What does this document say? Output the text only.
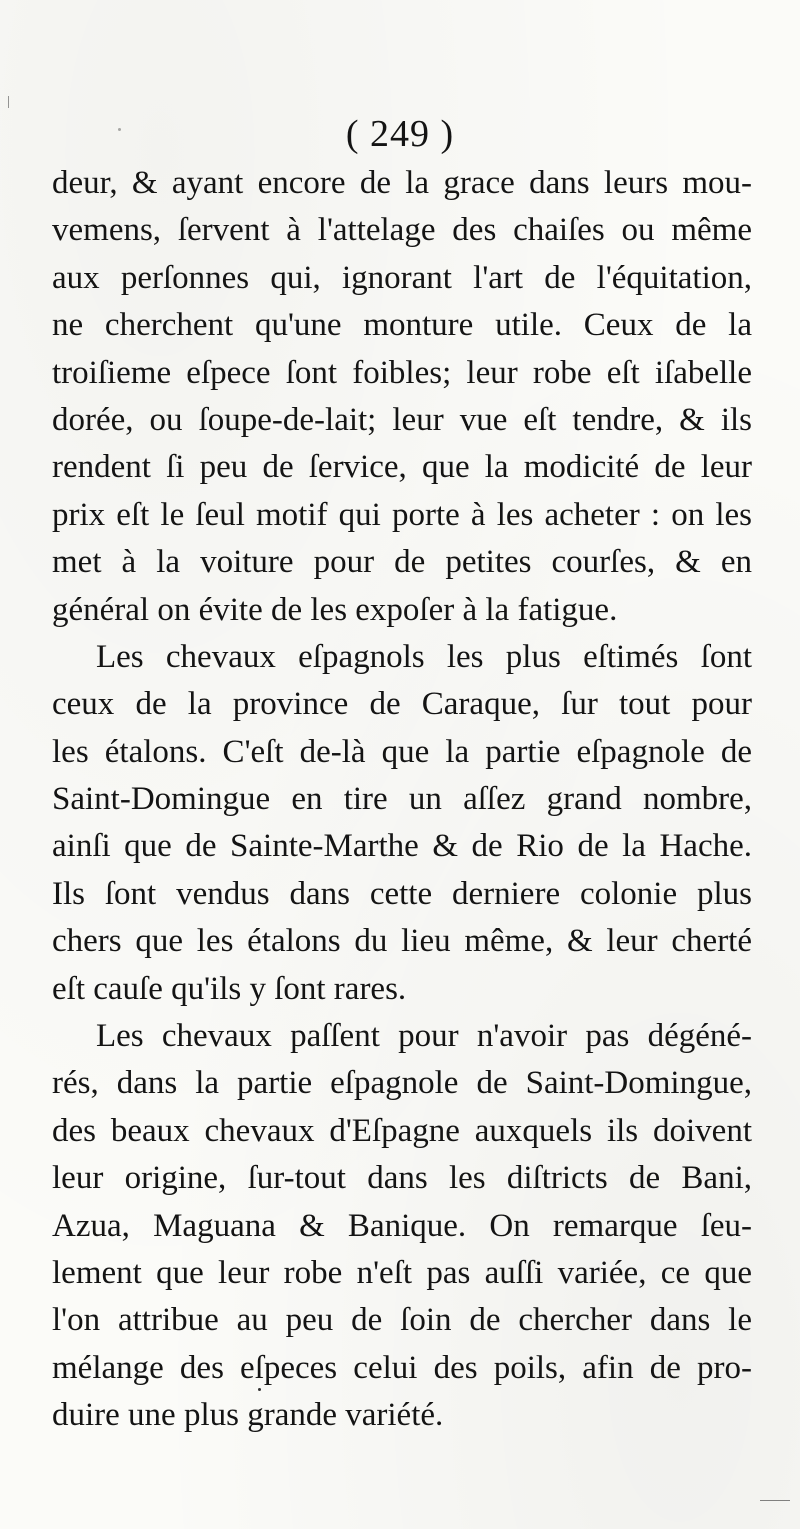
( 249 )
deur, & ayant encore de la grace dans leurs mou-
vemens, ſervent à l'attelage des chaiſes ou même
aux perſonnes qui, ignorant l'art de l'équitation,
ne cherchent qu'une monture utile. Ceux de la
troiſieme eſpece ſont foibles; leur robe eſt iſabelle
dorée, ou ſoupe-de-lait; leur vue eſt tendre, & ils
rendent ſi peu de ſervice, que la modicité de leur
prix eſt le ſeul motif qui porte à les acheter : on les
met à la voiture pour de petites courſes, & en
général on évite de les expoſer à la fatigue.
Les chevaux eſpagnols les plus eſtimés ſont
ceux de la province de Caraque, ſur tout pour
les étalons. C'eſt de-là que la partie eſpagnole de
Saint-Domingue en tire un aſſez grand nombre,
ainſi que de Sainte-Marthe & de Rio de la Hache.
Ils ſont vendus dans cette derniere colonie plus
chers que les étalons du lieu même, & leur cherté
eſt cauſe qu'ils y ſont rares.
Les chevaux paſſent pour n'avoir pas dégéné-
rés, dans la partie eſpagnole de Saint-Domingue,
des beaux chevaux d'Eſpagne auxquels ils doivent
leur origine, ſur-tout dans les diſtricts de Bani,
Azua, Maguana & Banique. On remarque ſeu-
lement que leur robe n'eſt pas auſſi variée, ce que
l'on attribue au peu de ſoin de chercher dans le
mélange des eſpeces celui des poils, afin de pro-
duire une plus grande variété.
